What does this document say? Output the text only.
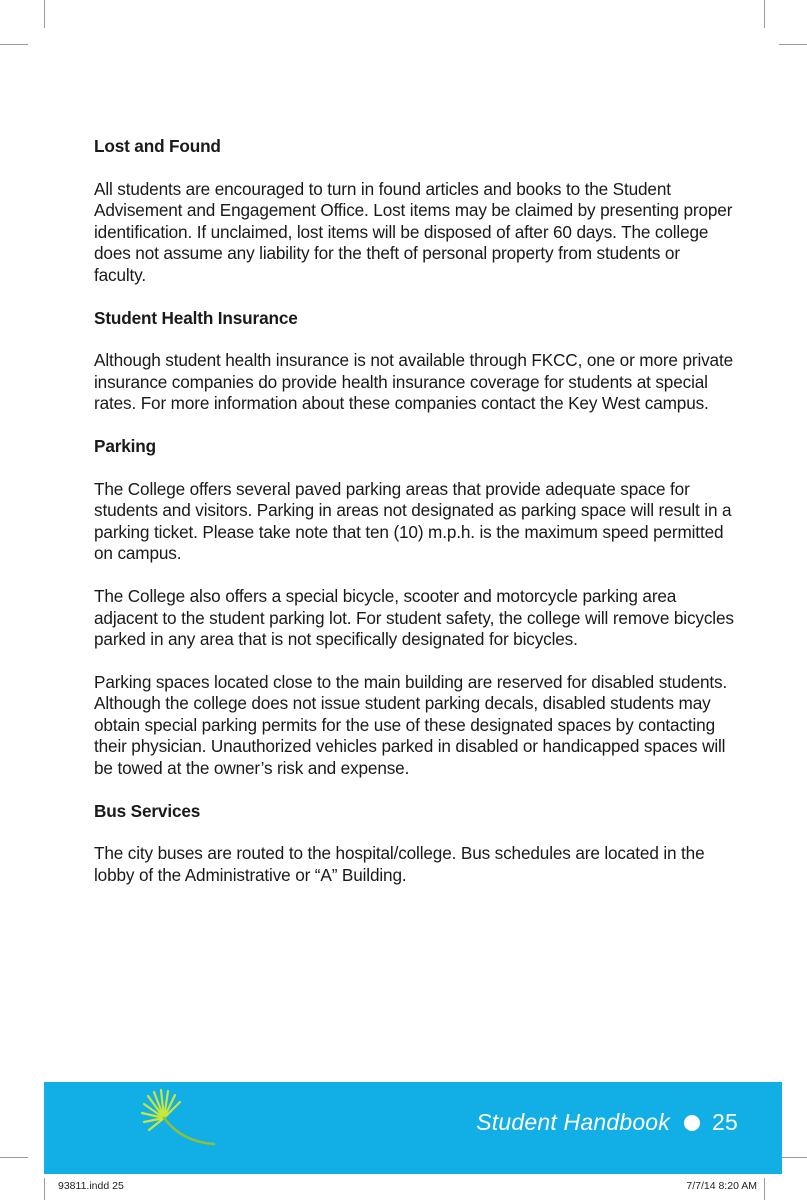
Lost and Found

All students are encouraged to turn in found articles and books to the Student Advisement and Engagement Office. Lost items may be claimed by presenting proper identification. If unclaimed, lost items will be disposed of after 60 days. The college does not assume any liability for the theft of personal property from students or faculty.

Student Health Insurance

Although student health insurance is not available through FKCC, one or more private insurance companies do provide health insurance coverage for students at special rates. For more information about these companies contact the Key West campus.

Parking

The College offers several paved parking areas that provide adequate space for students and visitors. Parking in areas not designated as parking space will result in a parking ticket. Please take note that ten (10) m.p.h. is the maximum speed permitted on campus.

The College also offers a special bicycle, scooter and motorcycle parking area adjacent to the student parking lot. For student safety, the college will remove bicycles parked in any area that is not specifically designated for bicycles.

Parking spaces located close to the main building are reserved for disabled students. Although the college does not issue student parking decals, disabled students may obtain special parking permits for the use of these designated spaces by contacting their physician. Unauthorized vehicles parked in disabled or handicapped spaces will be towed at the owner’s risk and expense.

Bus Services

The city buses are routed to the hospital/college. Bus schedules are located in the lobby of the Administrative or “A” Building.

Student Handbook 25
93811.indd 25	7/7/14 8:20 AM
